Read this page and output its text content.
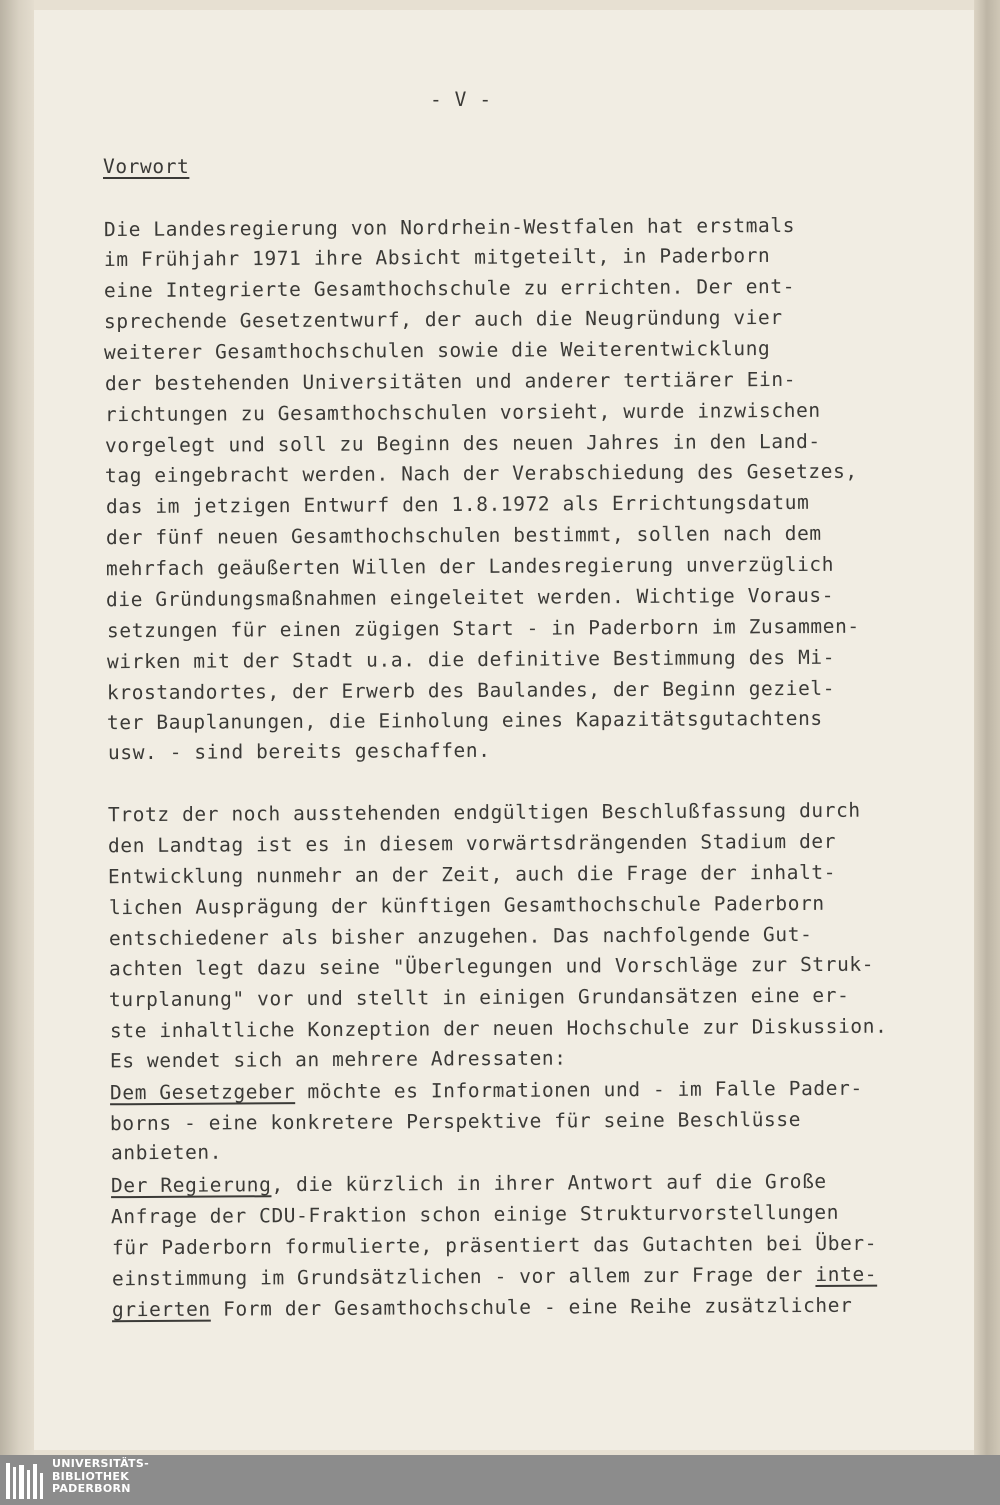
- V -
Vorwort
Die Landesregierung von Nordrhein-Westfalen hat erstmals
im Frühjahr 1971 ihre Absicht mitgeteilt, in Paderborn
eine Integrierte Gesamthochschule zu errichten. Der ent-
sprechende Gesetzentwurf, der auch die Neugründung vier
weiterer Gesamthochschulen sowie die Weiterentwicklung
der bestehenden Universitäten und anderer tertiärer Ein-
richtungen zu Gesamthochschulen vorsieht, wurde inzwischen
vorgelegt und soll zu Beginn des neuen Jahres in den Land-
tag eingebracht werden. Nach der Verabschiedung des Gesetzes,
das im jetzigen Entwurf den 1.8.1972 als Errichtungsdatum
der fünf neuen Gesamthochschulen bestimmt, sollen nach dem
mehrfach geäußerten Willen der Landesregierung unverzüglich
die Gründungsmaßnahmen eingeleitet werden. Wichtige Voraus-
setzungen für einen zügigen Start - in Paderborn im Zusammen-
wirken mit der Stadt u.a. die definitive Bestimmung des Mi-
krostandortes, der Erwerb des Baulandes, der Beginn geziel-
ter Bauplanungen, die Einholung eines Kapazitätsgutachtens
usw. - sind bereits geschaffen.
Trotz der noch ausstehenden endgültigen Beschlußfassung durch
den Landtag ist es in diesem vorwärtsdrängenden Stadium der
Entwicklung nunmehr an der Zeit, auch die Frage der inhalt-
lichen Ausprägung der künftigen Gesamthochschule Paderborn
entschiedener als bisher anzugehen. Das nachfolgende Gut-
achten legt dazu seine "Überlegungen und Vorschläge zur Struk-
turplanung" vor und stellt in einigen Grundansätzen eine er-
ste inhaltliche Konzeption der neuen Hochschule zur Diskussion.
Es wendet sich an mehrere Adressaten:
Dem Gesetzgeber möchte es Informationen und - im Falle Pader-
borns - eine konkretere Perspektive für seine Beschlüsse
anbieten.
Der Regierung, die kürzlich in ihrer Antwort auf die Große
Anfrage der CDU-Fraktion schon einige Strukturvorstellungen
für Paderborn formulierte, präsentiert das Gutachten bei Über-
einstimmung im Grundsätzlichen - vor allem zur Frage der inte-
grierten Form der Gesamthochschule - eine Reihe zusätzlicher
UNIVERSITÄTS-
BIBLIOTHEK
PADERBORN
